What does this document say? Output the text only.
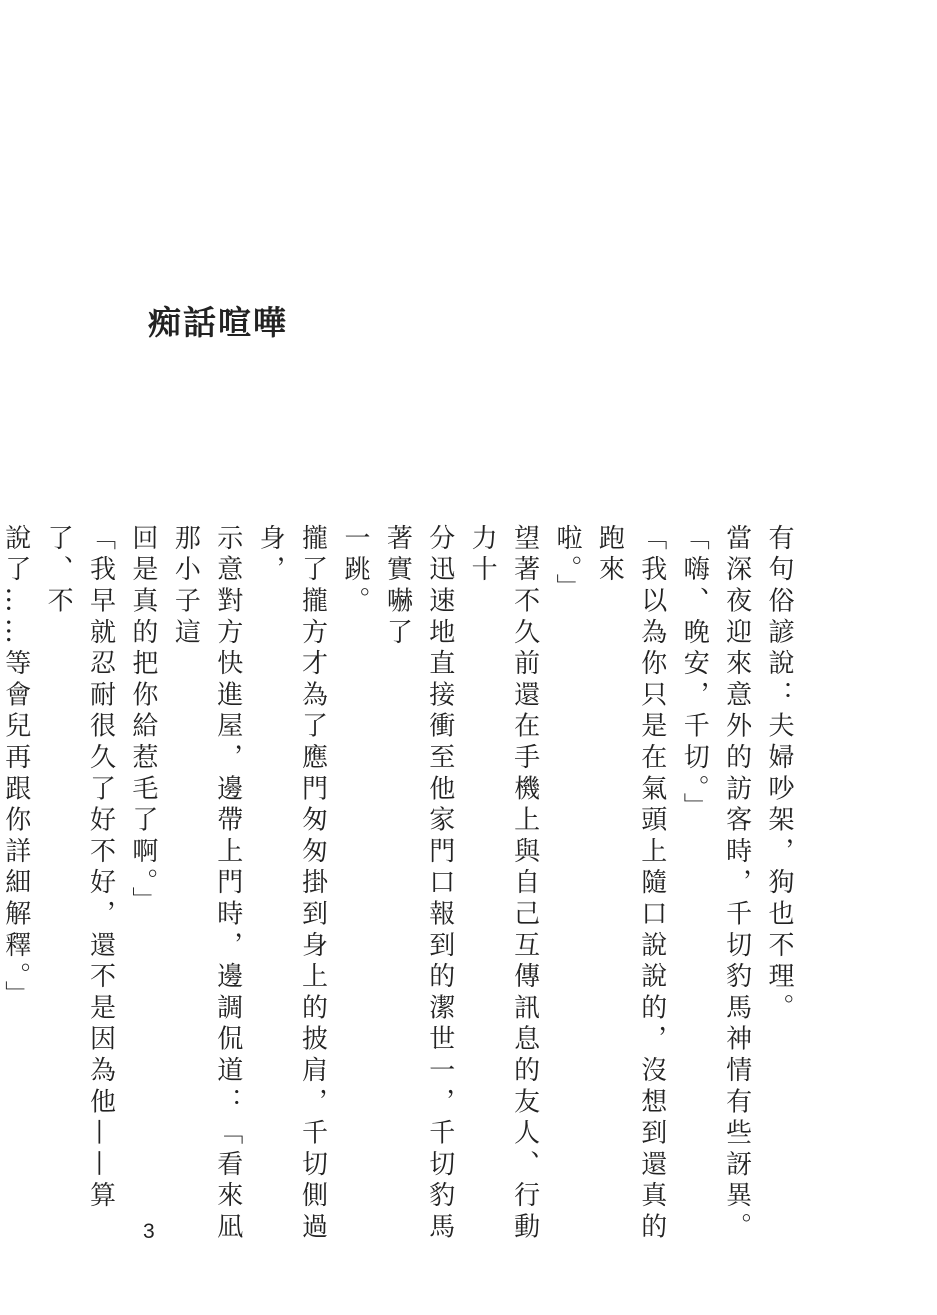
痴話喧嘩

有句俗諺說：夫婦吵架，狗也不理。

當深夜迎來意外的訪客時，千切豹馬神情有些訝異。

「嗨、晚安，千切。」

「我以為你只是在氣頭上隨口說說的，沒想到還真的跑來

啦。」

望著不久前還在手機上與自己互傳訊息的友人、行動力十

分迅速地直接衝至他家門口報到的潔世一，千切豹馬著實嚇了

一跳。

攏了攏方才為了應門匆匆掛到身上的披肩，千切側過身，

示意對方快進屋，邊帶上門時，邊調侃道：「看來凪那小子這

回是真的把你給惹毛了啊。」

「我早就忍耐很久了好不好，還不是因為他——算了、不

說了……等會兒再跟你詳細解釋。」

3
